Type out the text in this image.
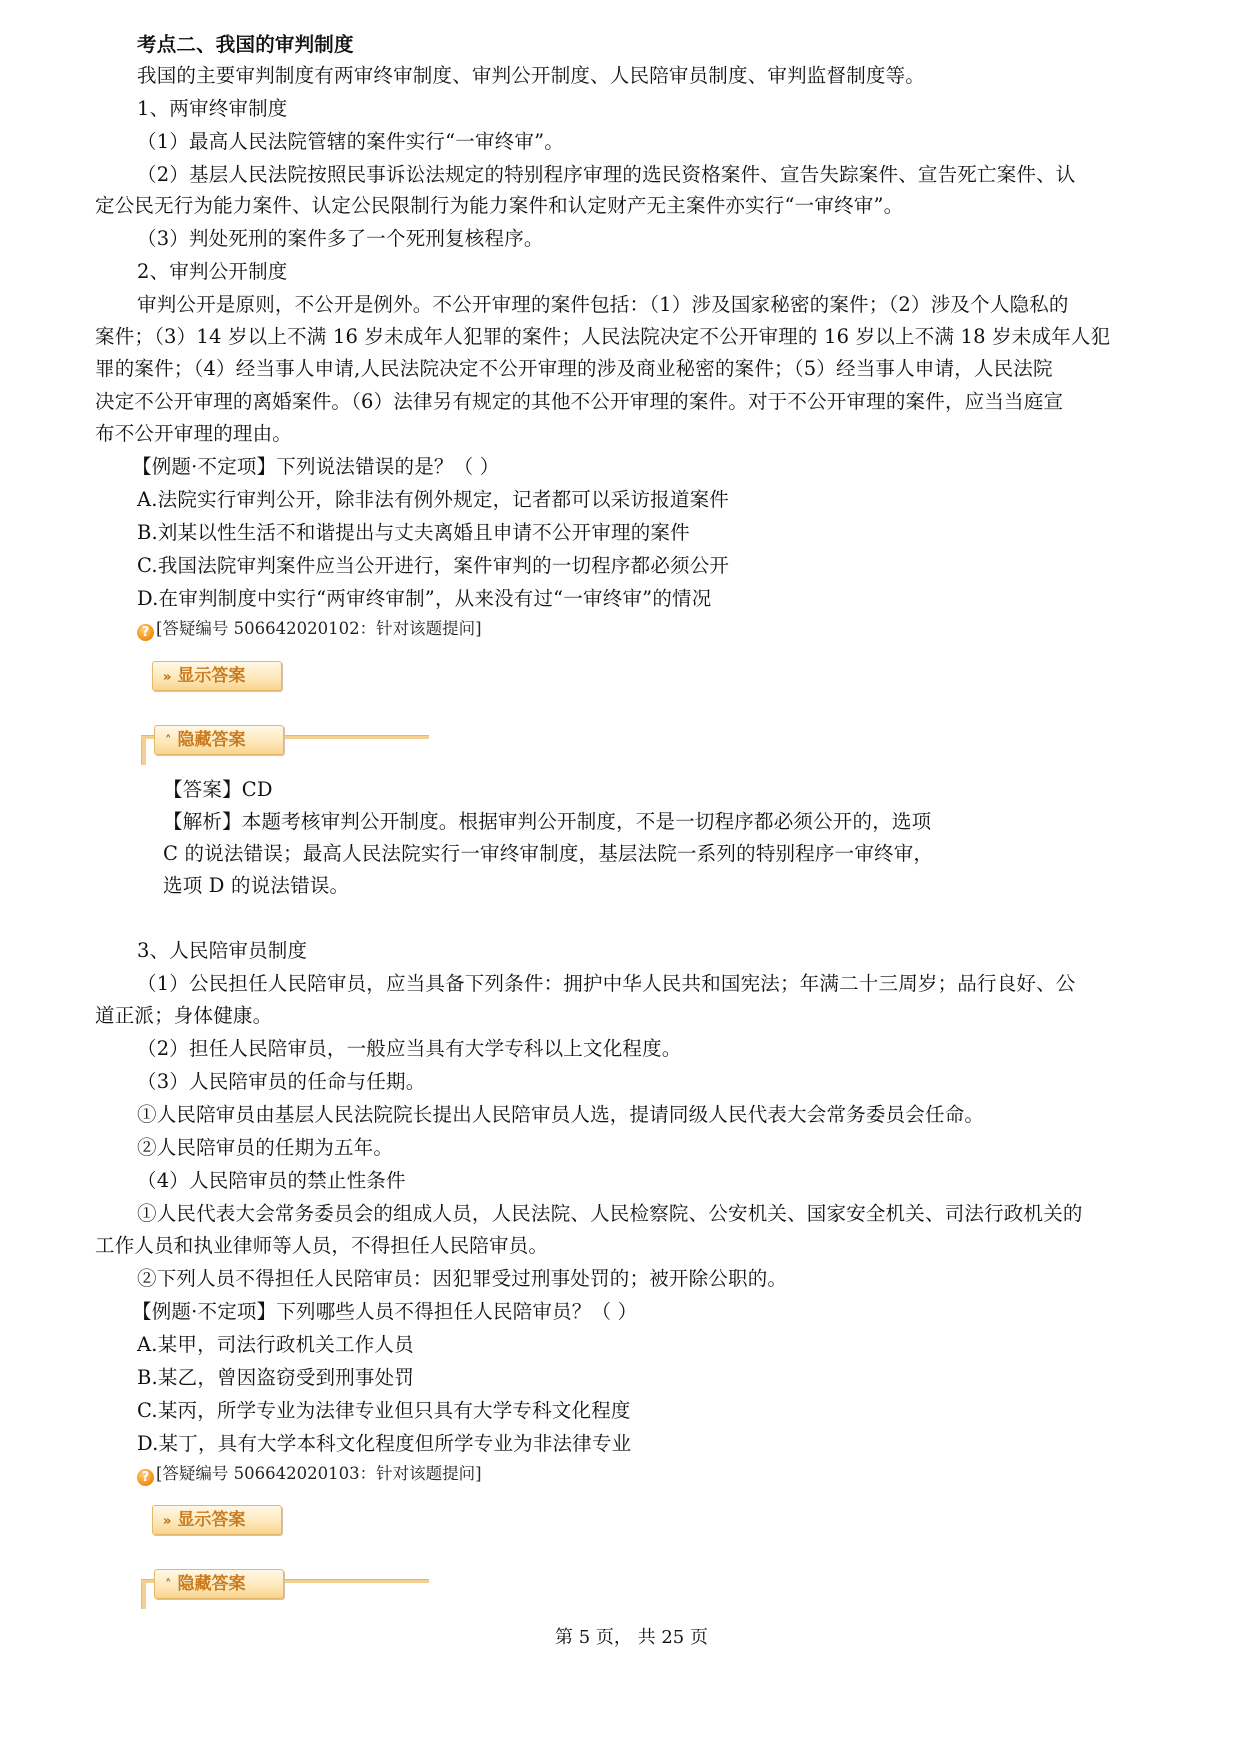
考点二、我国的审判制度
我国的主要审判制度有两审终审制度、审判公开制度、人民陪审员制度、审判监督制度等。
1、两审终审制度
（1）最高人民法院管辖的案件实行“一审终审”。
（2）基层人民法院按照民事诉讼法规定的特别程序审理的选民资格案件、宣告失踪案件、宣告死亡案件、认
定公民无行为能力案件、认定公民限制行为能力案件和认定财产无主案件亦实行“一审终审”。
（3）判处死刑的案件多了一个死刑复核程序。
2、审判公开制度
审判公开是原则，不公开是例外。不公开审理的案件包括：（1）涉及国家秘密的案件；（2）涉及个人隐私的
案件；（3）14 岁以上不满 16 岁未成年人犯罪的案件；人民法院决定不公开审理的 16 岁以上不满 18 岁未成年人犯
罪的案件；（4）经当事人申请,人民法院决定不公开审理的涉及商业秘密的案件；（5）经当事人申请，人民法院
决定不公开审理的离婚案件。（6）法律另有规定的其他不公开审理的案件。对于不公开审理的案件，应当当庭宣
布不公开审理的理由。
【例题·不定项】下列说法错误的是？（ ）
A.法院实行审判公开，除非法有例外规定，记者都可以采访报道案件
B.刘某以性生活不和谐提出与丈夫离婚且申请不公开审理的案件
C.我国法院审判案件应当公开进行，案件审判的一切程序都必须公开
D.在审判制度中实行“两审终审制”，从来没有过“一审终审”的情况
? [答疑编号 506642020102：针对该题提问]
» 显示答案
˄ 隐藏答案
【答案】CD
【解析】本题考核审判公开制度。根据审判公开制度，不是一切程序都必须公开的，选项
C 的说法错误；最高人民法院实行一审终审制度，基层法院一系列的特别程序一审终审，
选项 D 的说法错误。
3、人民陪审员制度
（1）公民担任人民陪审员，应当具备下列条件：拥护中华人民共和国宪法；年满二十三周岁；品行良好、公
道正派；身体健康。
（2）担任人民陪审员，一般应当具有大学专科以上文化程度。
（3）人民陪审员的任命与任期。
①人民陪审员由基层人民法院院长提出人民陪审员人选，提请同级人民代表大会常务委员会任命。
②人民陪审员的任期为五年。
（4）人民陪审员的禁止性条件
①人民代表大会常务委员会的组成人员，人民法院、人民检察院、公安机关、国家安全机关、司法行政机关的
工作人员和执业律师等人员，不得担任人民陪审员。
②下列人员不得担任人民陪审员：因犯罪受过刑事处罚的；被开除公职的。
【例题·不定项】下列哪些人员不得担任人民陪审员？（ ）
A.某甲，司法行政机关工作人员
B.某乙，曾因盗窃受到刑事处罚
C.某丙，所学专业为法律专业但只具有大学专科文化程度
D.某丁，具有大学本科文化程度但所学专业为非法律专业
? [答疑编号 506642020103：针对该题提问]
» 显示答案
˄ 隐藏答案
第 5 页， 共 25 页
